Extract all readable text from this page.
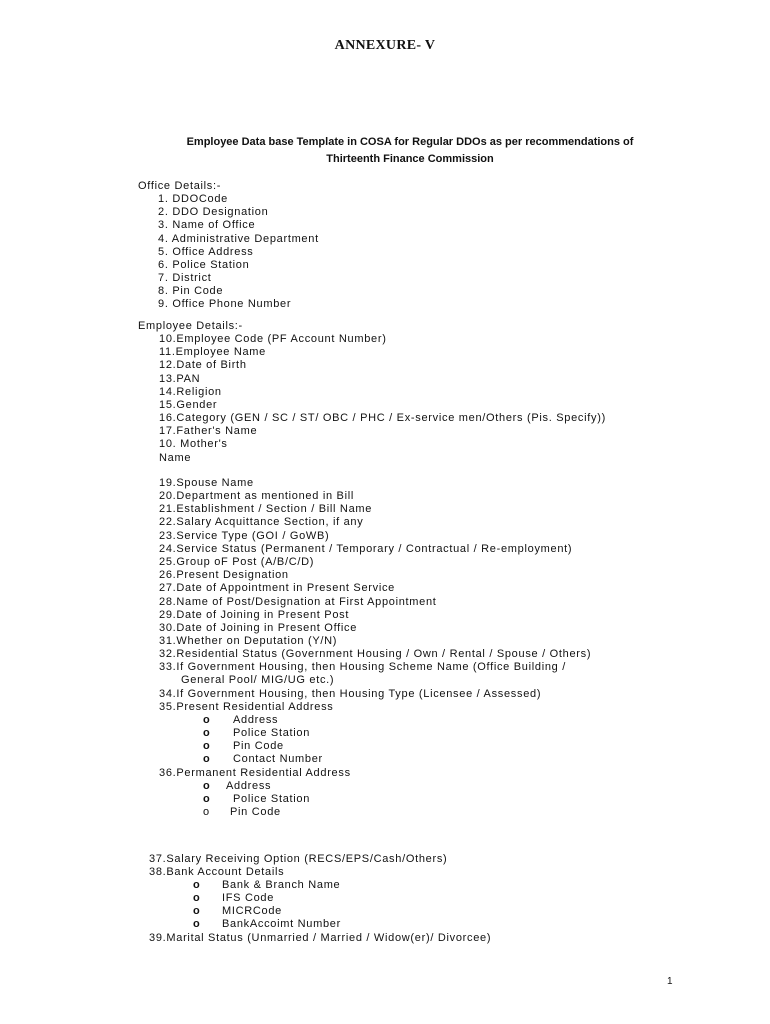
ANNEXURE- V
Employee Data base Template in COSA for Regular DDOs as per recommendations of
Thirteenth Finance Commission
Office Details:-
1. DDOCode
2. DDO Designation
3. Name of Office
4. Administrative Department
5. Office Address
6. Police Station
7. District
8. Pin Code
9. Office Phone Number
Employee Details:-
10.Employee Code (PF Account Number)
11.Employee Name
12.Date of Birth
13.PAN
14.Religion
15.Gender
16.Category (GEN / SC / ST/ OBC / PHC / Ex-service men/Others (Pis. Specify))
17.Father's Name
10. Mother's
Name
19.Spouse Name
20.Department as mentioned in Bill
21.Establishment / Section / Bill Name
22.Salary Acquittance Section, if any
23.Service Type (GOI / GoWB)
24.Service Status (Permanent / Temporary / Contractual / Re-employment)
25.Group oF Post (A/B/C/D)
26.Present Designation
27.Date of Appointment in Present Service
28.Name of Post/Designation at First Appointment
29.Date of Joining in Present Post
30.Date of Joining in Present Office
31.Whether on Deputation (Y/N)
32.Residential Status (Government Housing / Own / Rental / Spouse / Others)
33.If Government Housing, then Housing Scheme Name (Office Building /
General Pool/ MIG/UG etc.)
34.If Government Housing, then Housing Type (Licensee / Assessed)
35.Present Residential Address
o Address
o Police Station
o Pin Code
o Contact Number
36.Permanent Residential Address
o Address
o Police Station
o Pin Code
37.Salary Receiving Option (RECS/EPS/Cash/Others)
38.Bank Account Details
o Bank & Branch Name
o IFS Code
o MICRCode
o BankAccoimt Number
39.Marital Status (Unmarried / Married / Widow(er)/ Divorcee)
1
